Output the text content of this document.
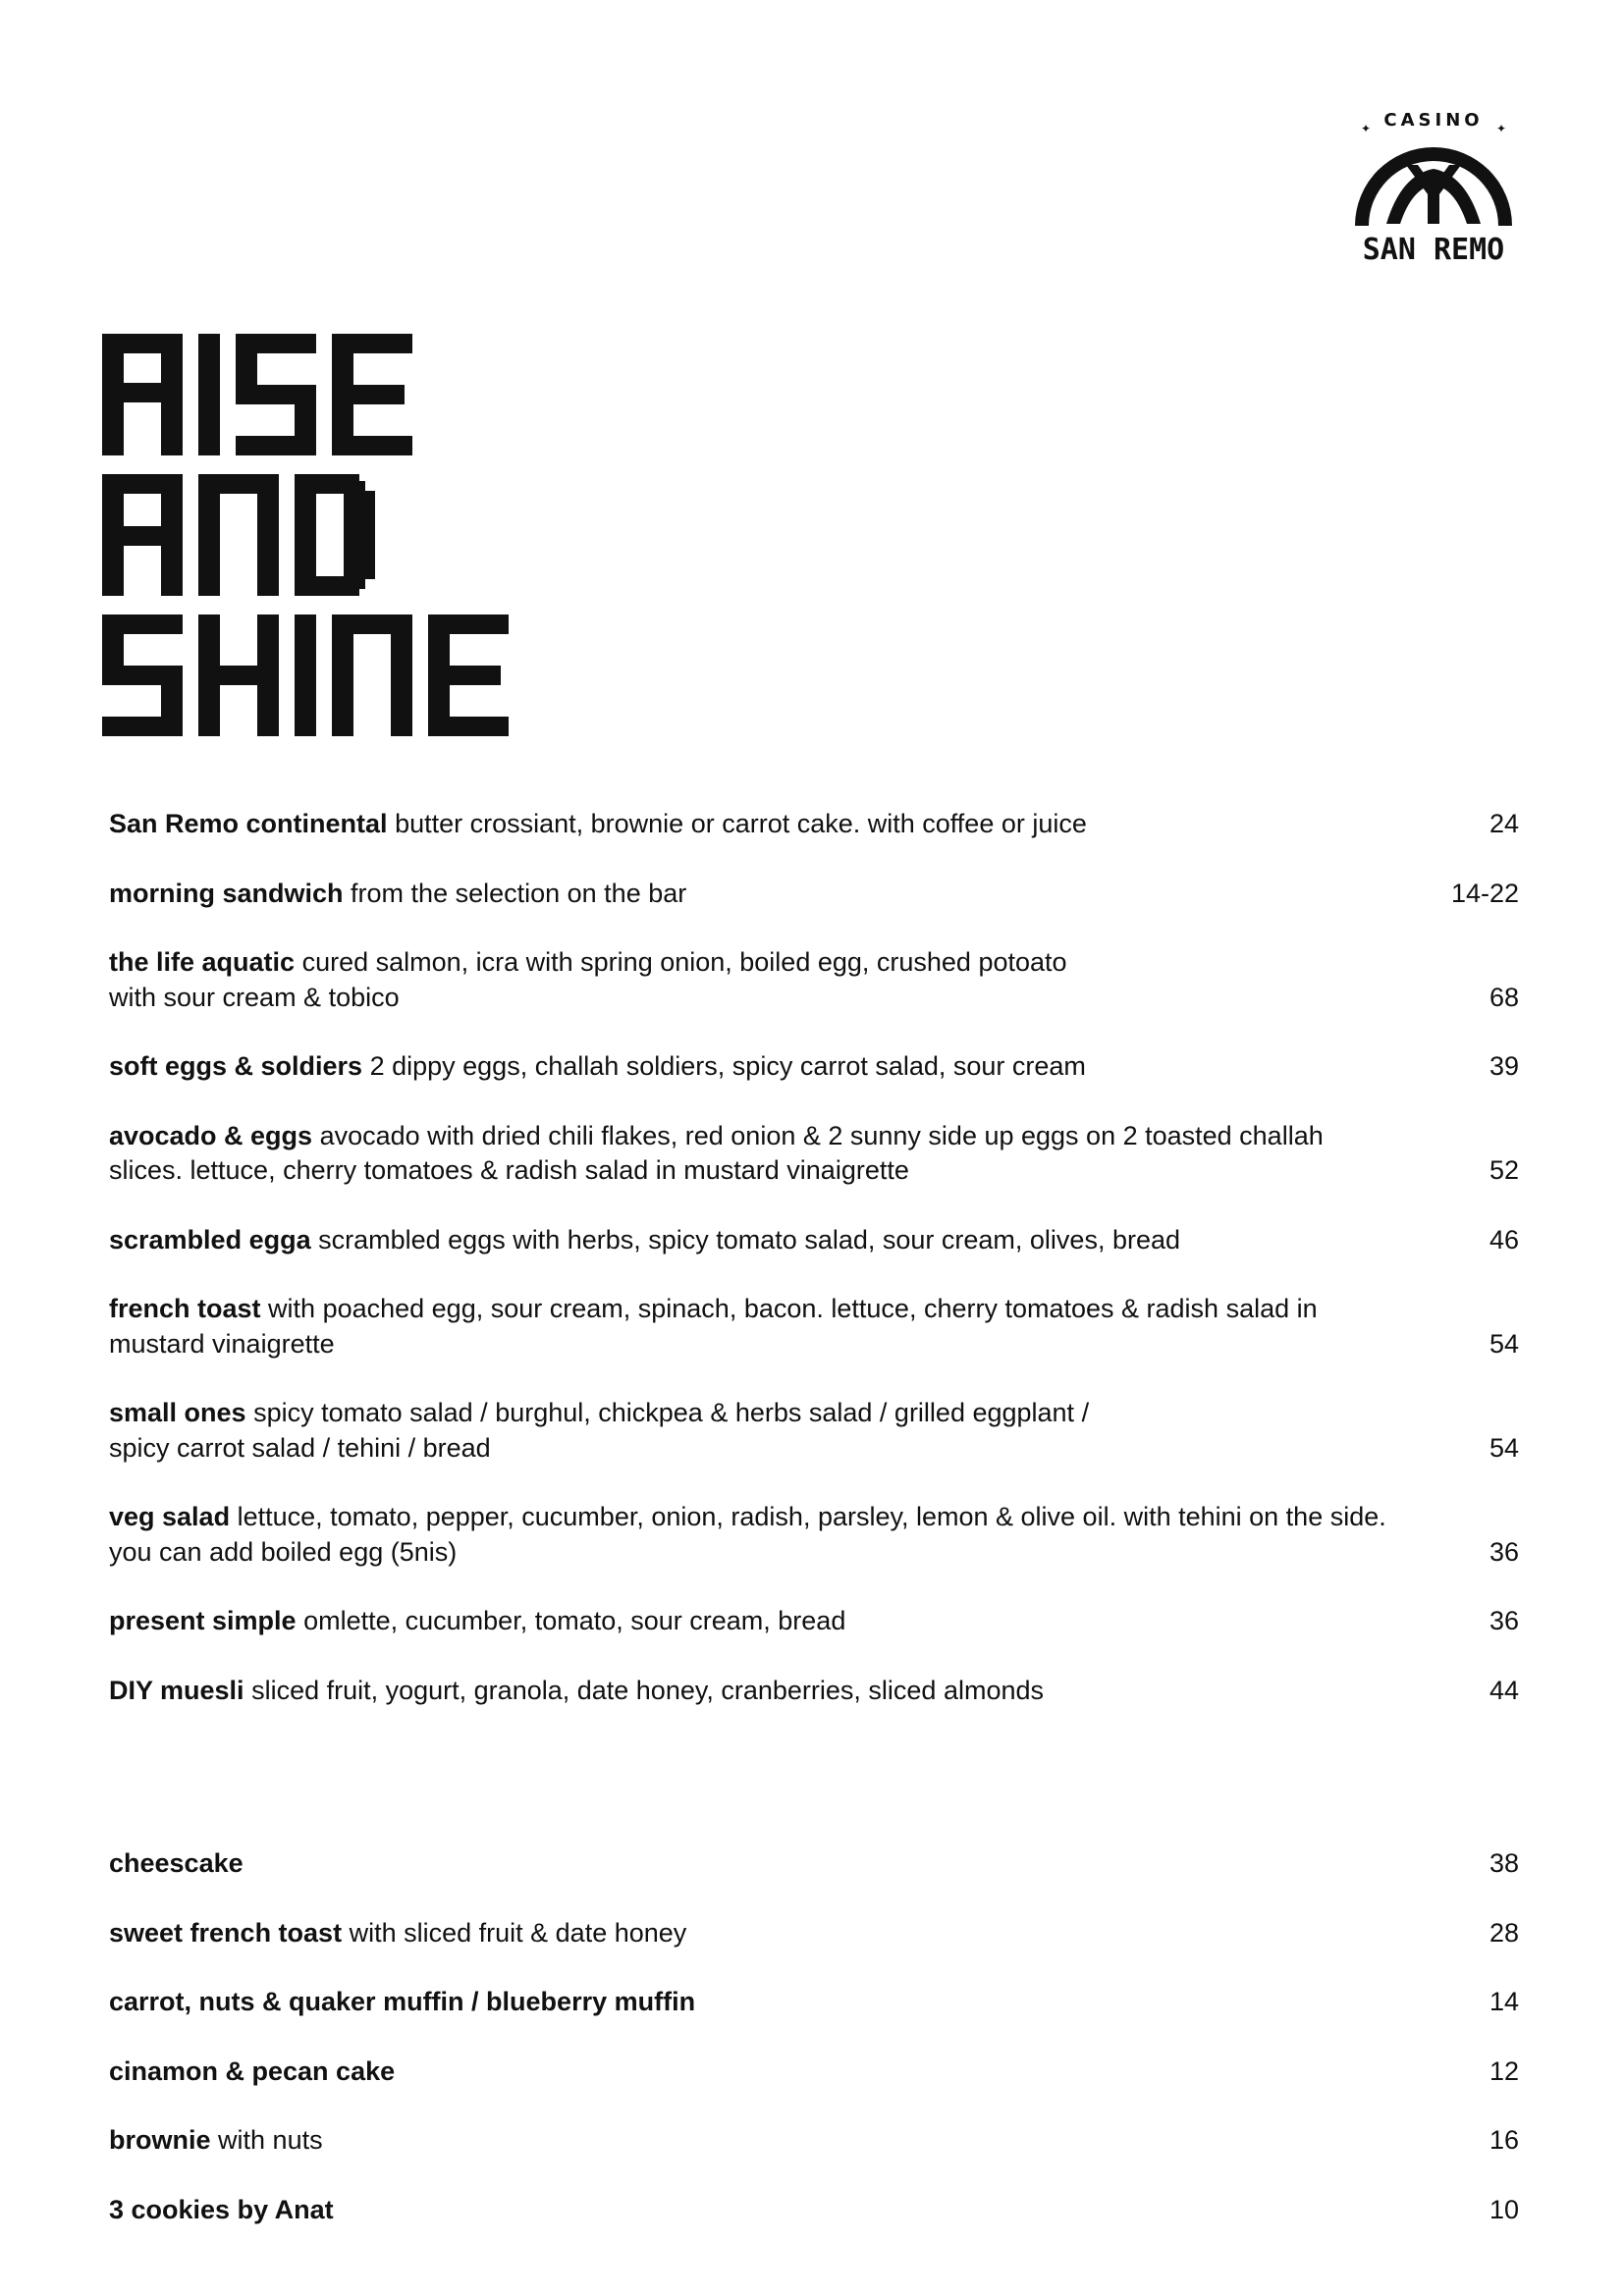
CASINO
✦	✦
SAN REMO
San Remo continental butter crossiant, brownie or carrot cake. with coffee or juice	24
morning sandwich from the selection on the bar	14-22
the life aquatic cured salmon, icra with spring onion, boiled egg, crushed potoato
with sour cream & tobico	68
soft eggs & soldiers 2 dippy eggs, challah soldiers, spicy carrot salad, sour cream	39
avocado & eggs avocado with dried chili flakes, red onion & 2 sunny side up eggs on 2 toasted challah
slices. lettuce, cherry tomatoes & radish salad in mustard vinaigrette	52
scrambled egga scrambled eggs with herbs, spicy tomato salad, sour cream, olives, bread	46
french toast with poached egg, sour cream, spinach, bacon. lettuce, cherry tomatoes & radish salad in
mustard vinaigrette	54
small ones spicy tomato salad / burghul, chickpea & herbs salad / grilled eggplant /
spicy carrot salad / tehini / bread	54
veg salad lettuce, tomato, pepper, cucumber, onion, radish, parsley, lemon & olive oil. with tehini on the side.
you can add boiled egg (5nis)	36
present simple omlette, cucumber, tomato, sour cream, bread	36
DIY muesli sliced fruit, yogurt, granola, date honey, cranberries, sliced almonds	44
cheescake	38
sweet french toast with sliced fruit & date honey	28
carrot, nuts & quaker muffin / blueberry muffin	14
cinamon & pecan cake	12
brownie with nuts	16
3 cookies by Anat	10
